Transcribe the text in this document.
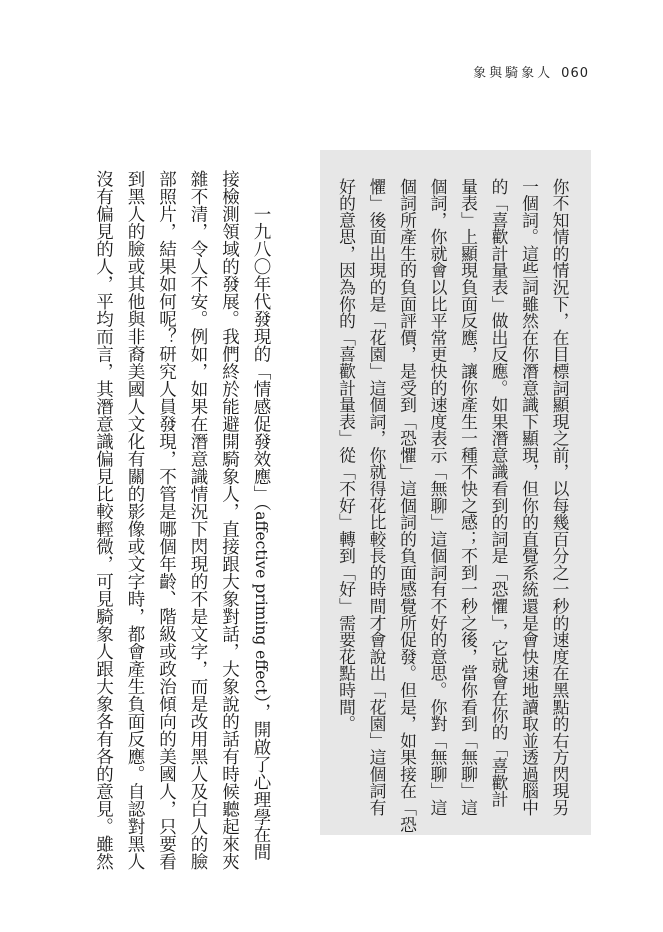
象與騎象人 060
你不知情的情況下，在目標詞顯現之前，以每幾百分之一秒的速度在黑點的右方閃現另
一個詞。這些詞雖然在你潛意識下顯現，但你的直覺系統還是會快速地讀取並透過腦中
的「喜歡計量表」做出反應。如果潛意識看到的詞是「恐懼」，它就會在你的「喜歡計
量表」上顯現負面反應，讓你產生一種不快之感；不到一秒之後，當你看到「無聊」這
個詞，你就會以比平常更快的速度表示「無聊」這個詞有不好的意思。你對「無聊」這
個詞所產生的負面評價，是受到「恐懼」這個詞的負面感覺所促發。但是，如果接在「恐
懼」後面出現的是「花園」這個詞，你就得花比較長的時間才會說出「花園」這個詞有
好的意思，因為你的「喜歡計量表」從「不好」轉到「好」需要花點時間。
一九八〇年代發現的「情感促發效應」（affective priming effect），開啟了心理學在間
接檢測領域的發展。我們終於能避開騎象人，直接跟大象對話，大象說的話有時候聽起來夾
雜不清，令人不安。例如，如果在潛意識情況下閃現的不是文字，而是改用黑人及白人的臉
部照片，結果如何呢？研究人員發現，不管是哪個年齡、階級或政治傾向的美國人，只要看
到黑人的臉或其他與非裔美國人文化有關的影像或文字時，都會產生負面反應。自認對黑人
沒有偏見的人，平均而言，其潛意識偏見比較輕微，可見騎象人跟大象各有各的意見。雖然
